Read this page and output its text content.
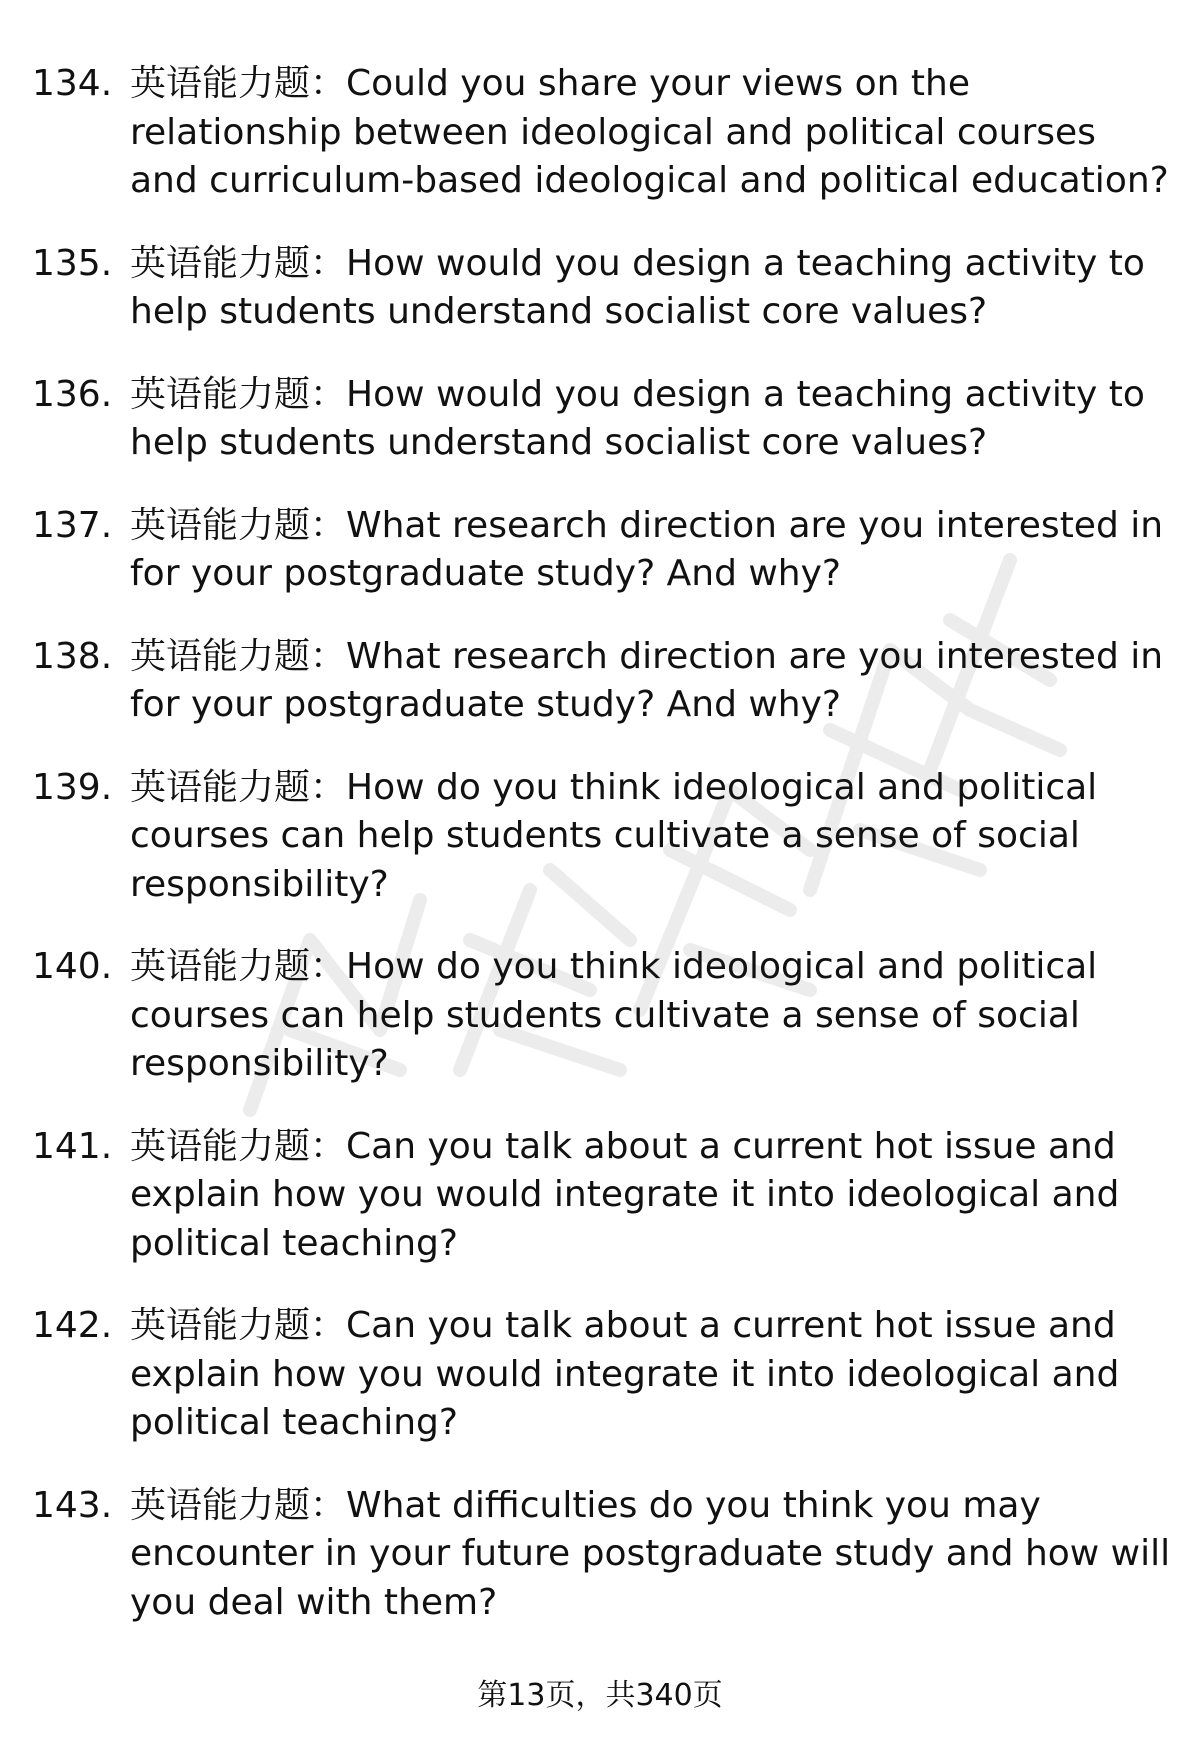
134. 英语能力题：Could you share your views on the relationship between ideological and political courses and curriculum-based ideological and political education?
135. 英语能力题：How would you design a teaching activity to help students understand socialist core values?
136. 英语能力题：How would you design a teaching activity to help students understand socialist core values?
137. 英语能力题：What research direction are you interested in for your postgraduate study? And why?
138. 英语能力题：What research direction are you interested in for your postgraduate study? And why?
139. 英语能力题：How do you think ideological and political courses can help students cultivate a sense of social responsibility?
140. 英语能力题：How do you think ideological and political courses can help students cultivate a sense of social responsibility?
141. 英语能力题：Can you talk about a current hot issue and explain how you would integrate it into ideological and political teaching?
142. 英语能力题：Can you talk about a current hot issue and explain how you would integrate it into ideological and political teaching?
143. 英语能力题：What difficulties do you think you may encounter in your future postgraduate study and how will you deal with them?
第13页，共340页
